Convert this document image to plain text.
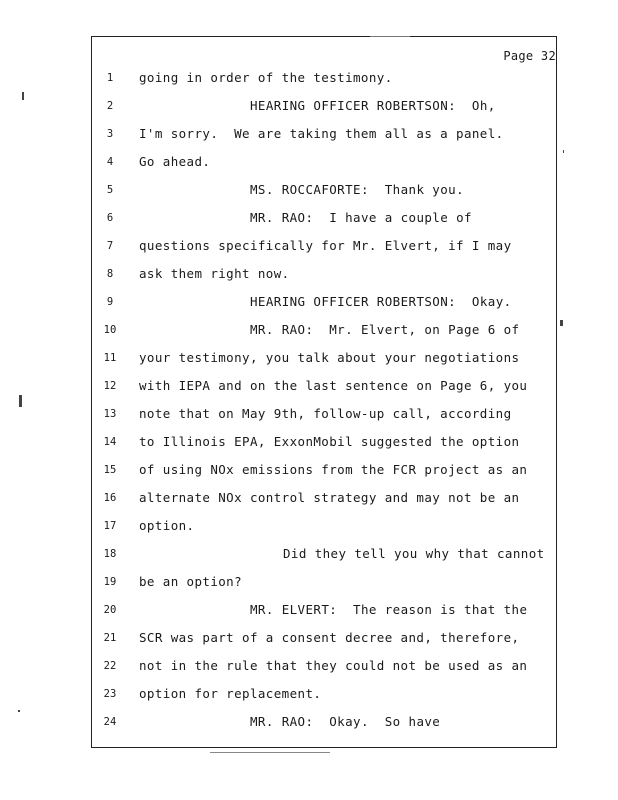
Page 32
1	going in order of the testimony.
2	HEARING OFFICER ROBERTSON:  Oh,
3	I'm sorry.  We are taking them all as a panel.
4	Go ahead.
5	MS. ROCCAFORTE:  Thank you.
6	MR. RAO:  I have a couple of
7	questions specifically for Mr. Elvert, if I may
8	ask them right now.
9	HEARING OFFICER ROBERTSON:  Okay.
10	MR. RAO:  Mr. Elvert, on Page 6 of
11 your testimony, you talk about your negotiations
12 with IEPA and on the last sentence on Page 6, you
13 note that on May 9th, follow-up call, according
14 to Illinois EPA, ExxonMobil suggested the option
15 of using NOx emissions from the FCR project as an
16 alternate NOx control strategy and may not be an
17 option.
18	Did they tell you why that cannot
19 be an option?
20	MR. ELVERT:  The reason is that the
21 SCR was part of a consent decree and, therefore,
22 not in the rule that they could not be used as an
23 option for replacement.
24	MR. RAO:  Okay.  So have
